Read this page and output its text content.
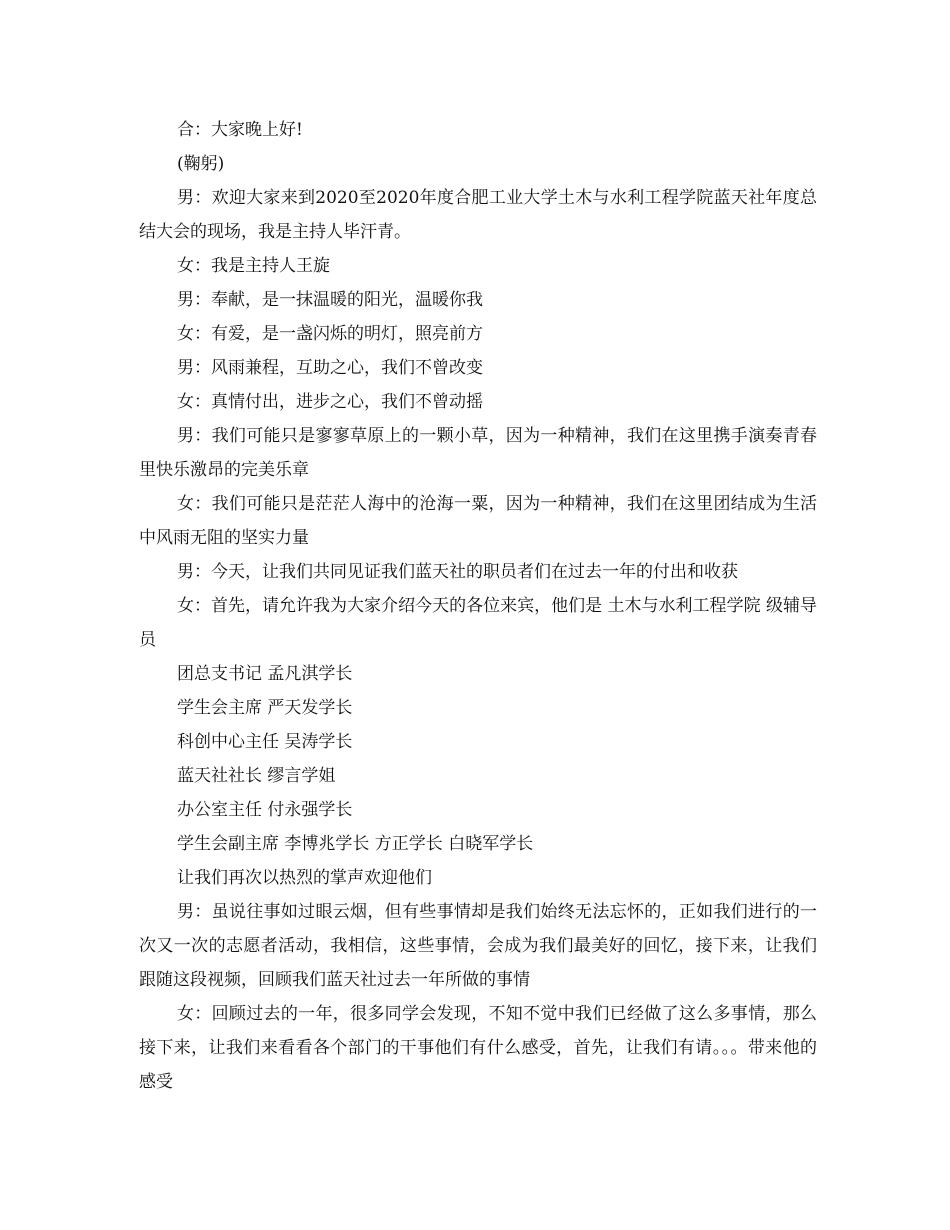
合：大家晚上好!

(鞠躬)

男：欢迎大家来到2020至2020年度合肥工业大学土木与水利工程学院蓝天社年度总结大会的现场，我是主持人毕汗青。

女：我是主持人王旋

男：奉献，是一抹温暖的阳光，温暖你我

女：有爱，是一盏闪烁的明灯，照亮前方

男：风雨兼程，互助之心，我们不曾改变

女：真情付出，进步之心，我们不曾动摇

男：我们可能只是寥寥草原上的一颗小草，因为一种精神，我们在这里携手演奏青春里快乐激昂的完美乐章

女：我们可能只是茫茫人海中的沧海一粟，因为一种精神，我们在这里团结成为生活中风雨无阻的坚实力量

男：今天，让我们共同见证我们蓝天社的职员者们在过去一年的付出和收获

女：首先，请允许我为大家介绍今天的各位来宾，他们是 土木与水利工程学院 级辅导员

团总支书记 孟凡淇学长

学生会主席 严天发学长

科创中心主任 吴涛学长

蓝天社社长 缪言学姐

办公室主任 付永强学长

学生会副主席 李博兆学长 方正学长 白晓军学长

让我们再次以热烈的掌声欢迎他们

男：虽说往事如过眼云烟，但有些事情却是我们始终无法忘怀的，正如我们进行的一次又一次的志愿者活动，我相信，这些事情，会成为我们最美好的回忆，接下来，让我们跟随这段视频，回顾我们蓝天社过去一年所做的事情

女：回顾过去的一年，很多同学会发现，不知不觉中我们已经做了这么多事情，那么接下来，让我们来看看各个部门的干事他们有什么感受，首先，让我们有请。。。带来他的感受
